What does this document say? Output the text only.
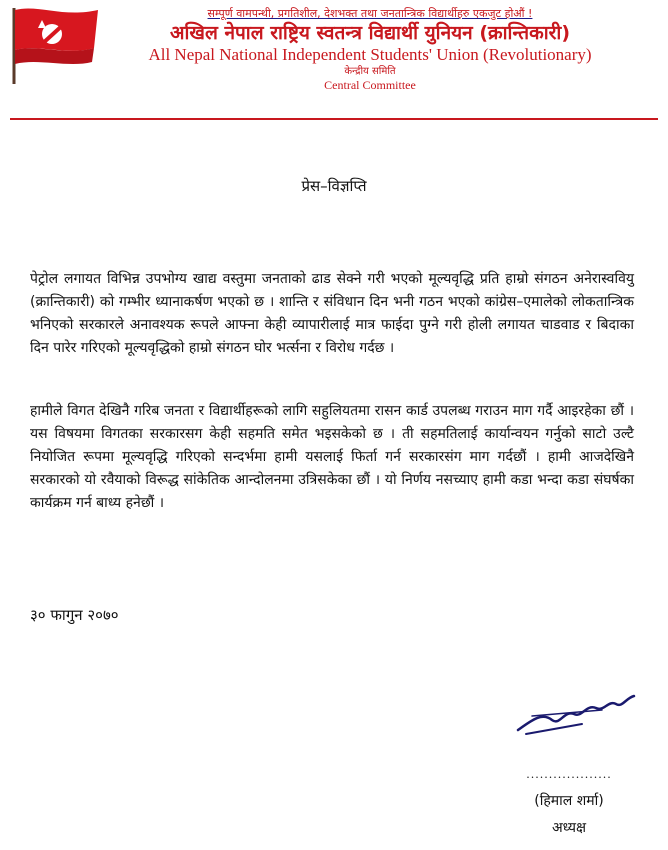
सम्पूर्ण वामपन्थी, प्रगतिशील, देशभक्त तथा जनतान्त्रिक विद्यार्थीहरु एकजुट होऔं !
अखिल नेपाल राष्ट्रिय स्वतन्त्र विद्यार्थी युनियन (क्रान्तिकारी)
All Nepal National Independent Students' Union (Revolutionary)
केन्द्रीय समिति
Central Committee
प्रेस–विज्ञप्ति
पेट्रोल लगायत विभिन्न उपभोग्य खाद्य वस्तुमा जनताको ढाड सेक्ने गरी भएको मूल्यवृद्धि प्रति हाम्रो संगठन अनेरास्ववियु (क्रान्तिकारी) को गम्भीर ध्यानाकर्षण भएको छ । शान्ति र संविधान दिन भनी गठन भएको कांग्रेस–एमालेको लोकतान्त्रिक भनिएको सरकारले अनावश्यक रूपले आफ्ना केही व्यापारीलाई मात्र फाईदा पुग्ने गरी होली लगायत चाडवाड र बिदाका दिन पारेर गरिएको मूल्यवृद्धिको हाम्रो संगठन घोर भर्त्सना र विरोध गर्दछ ।
हामीले विगत देखिनै गरिब जनता र विद्यार्थीहरूको लागि सहुलियतमा रासन कार्ड उपलब्ध गराउन माग गर्दै आइरहेका छौं । यस विषयमा विगतका सरकारसग केही सहमति समेत भइसकेको छ । ती सहमतिलाई कार्यान्वयन गर्नुको साटो उल्टै नियोजित रूपमा मूल्यवृद्धि गरिएको सन्दर्भमा हामी यसलाई फिर्ता गर्न सरकारसंग माग गर्दछौं । हामी आजदेखिनै सरकारको यो रवैयाको विरूद्ध सांकेतिक आन्दोलनमा उत्रिसकेका छौं । यो निर्णय नसच्याए हामी कडा भन्दा कडा संघर्षका कार्यक्रम गर्न बाध्य हनेछौं ।
३० फागुन २०७०
...................
(हिमाल शर्मा)
अध्यक्ष
